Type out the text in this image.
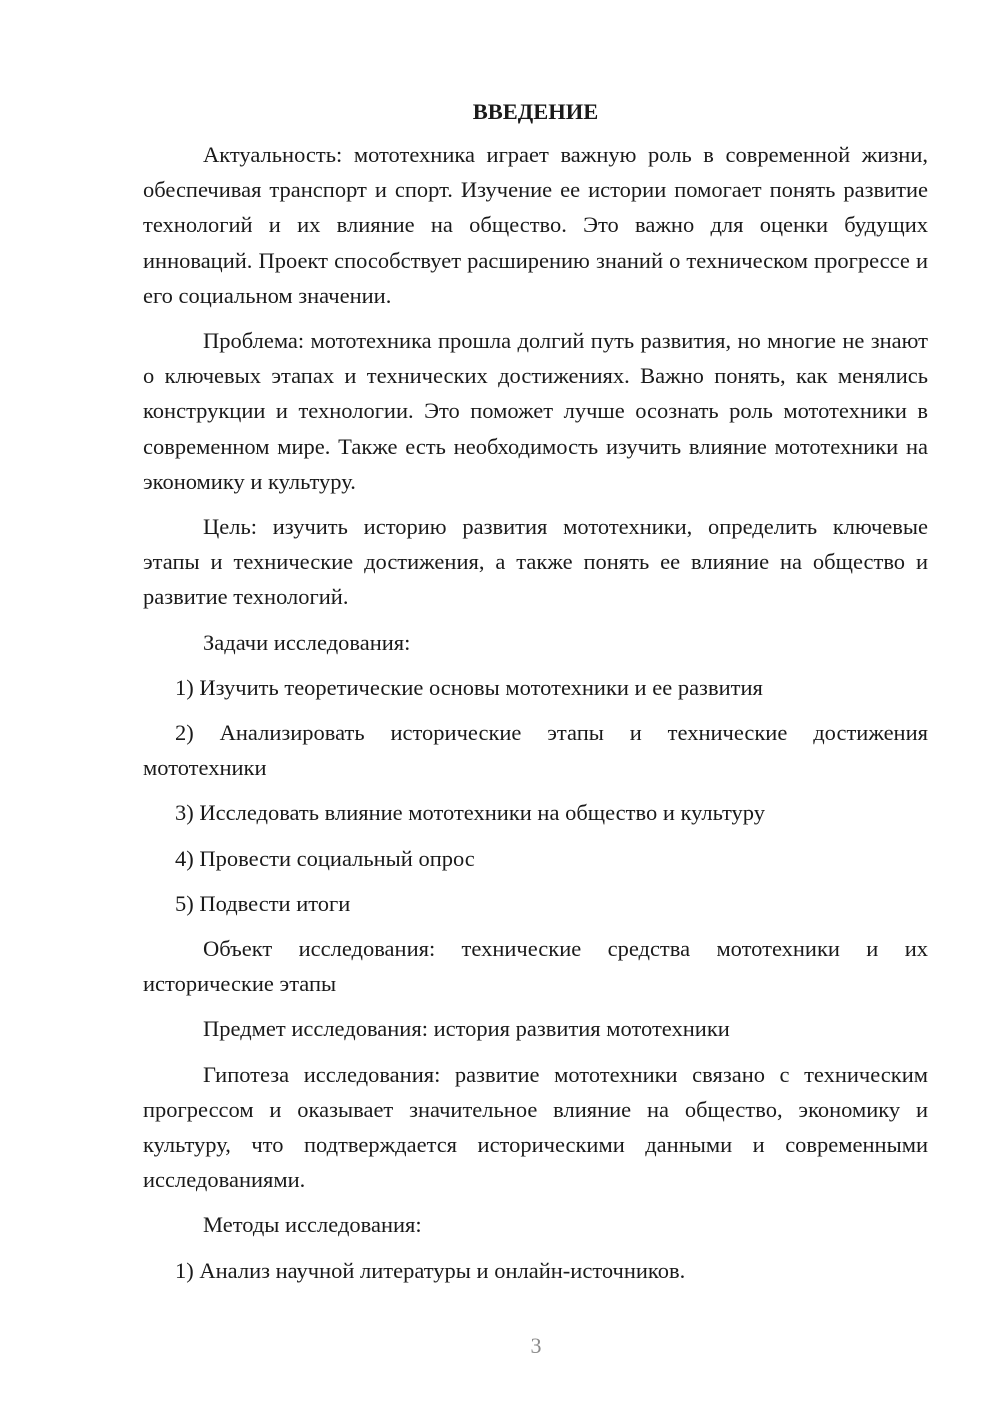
ВВЕДЕНИЕ

Актуальность: мототехника играет важную роль в современной жизни, обеспечивая транспорт и спорт. Изучение ее истории помогает понять развитие технологий и их влияние на общество. Это важно для оценки будущих инноваций. Проект способствует расширению знаний о техническом прогрессе и его социальном значении.

Проблема: мототехника прошла долгий путь развития, но многие не знают о ключевых этапах и технических достижениях. Важно понять, как менялись конструкции и технологии. Это поможет лучше осознать роль мототехники в современном мире. Также есть необходимость изучить влияние мототехники на экономику и культуру.

Цель: изучить историю развития мототехники, определить ключевые этапы и технические достижения, а также понять ее влияние на общество и развитие технологий.

Задачи исследования:

1) Изучить теоретические основы мототехники и ее развития

2) Анализировать исторические этапы и технические достижения мототехники

3) Исследовать влияние мототехники на общество и культуру

4) Провести социальный опрос

5) Подвести итоги

Объект исследования: технические средства мототехники и их исторические этапы

Предмет исследования: история развития мототехники

Гипотеза исследования: развитие мототехники связано с техническим прогрессом и оказывает значительное влияние на общество, экономику и культуру, что подтверждается историческими данными и современными исследованиями.

Методы исследования:

1) Анализ научной литературы и онлайн-источников.

3
